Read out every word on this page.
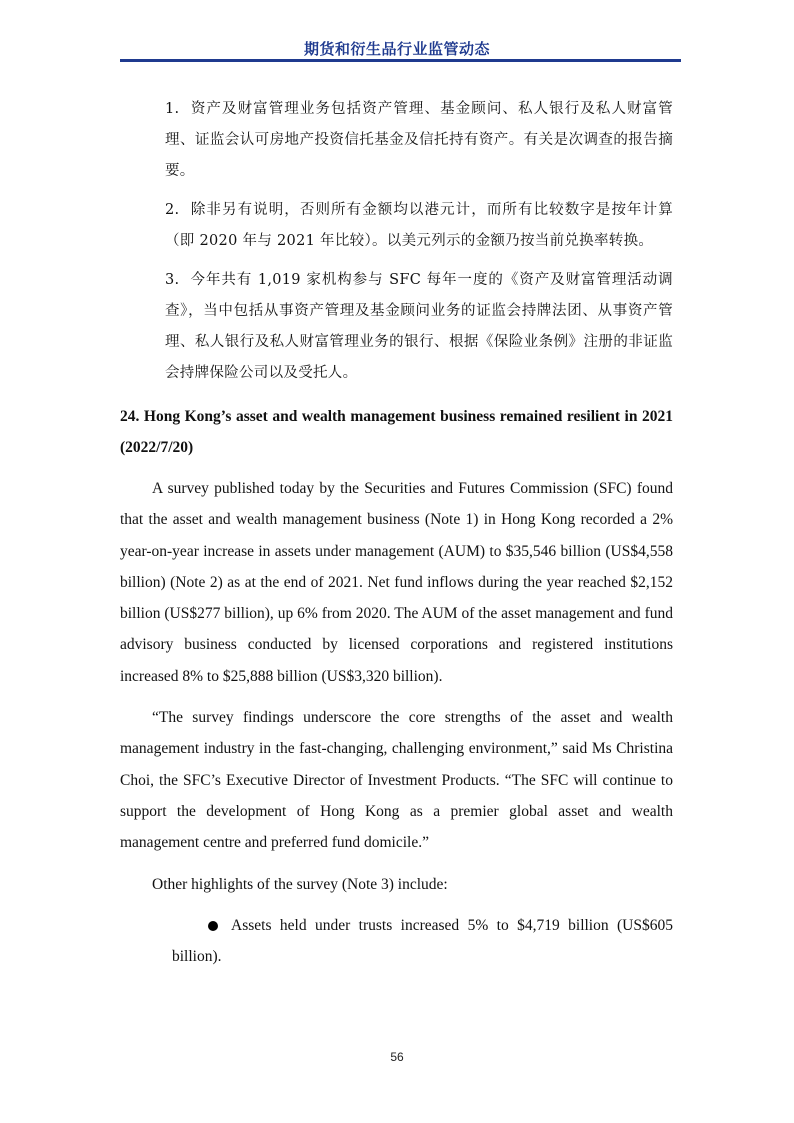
期货和衍生品行业监管动态

1. 资产及财富管理业务包括资产管理、基金顾问、私人银行及私人财富管理、证监会认可房地产投资信托基金及信托持有资产。有关是次调查的报告摘要。

2. 除非另有说明，否则所有金额均以港元计，而所有比较数字是按年计算（即 2020 年与 2021 年比较）。以美元列示的金额乃按当前兑换率转换。

3. 今年共有 1,019 家机构参与 SFC 每年一度的《资产及财富管理活动调查》，当中包括从事资产管理及基金顾问业务的证监会持牌法团、从事资产管理、私人银行及私人财富管理业务的银行、根据《保险业条例》注册的非证监会持牌保险公司以及受托人。

24. Hong Kong’s asset and wealth management business remained resilient in 2021 (2022/7/20)

A survey published today by the Securities and Futures Commission (SFC) found that the asset and wealth management business (Note 1) in Hong Kong recorded a 2% year-on-year increase in assets under management (AUM) to $35,546 billion (US$4,558 billion) (Note 2) as at the end of 2021. Net fund inflows during the year reached $2,152 billion (US$277 billion), up 6% from 2020. The AUM of the asset management and fund advisory business conducted by licensed corporations and registered institutions increased 8% to $25,888 billion (US$3,320 billion).

“The survey findings underscore the core strengths of the asset and wealth management industry in the fast-changing, challenging environment,” said Ms Christina Choi, the SFC’s Executive Director of Investment Products. “The SFC will continue to support the development of Hong Kong as a premier global asset and wealth management centre and preferred fund domicile.”

Other highlights of the survey (Note 3) include:

Assets held under trusts increased 5% to $4,719 billion (US$605 billion).
56
